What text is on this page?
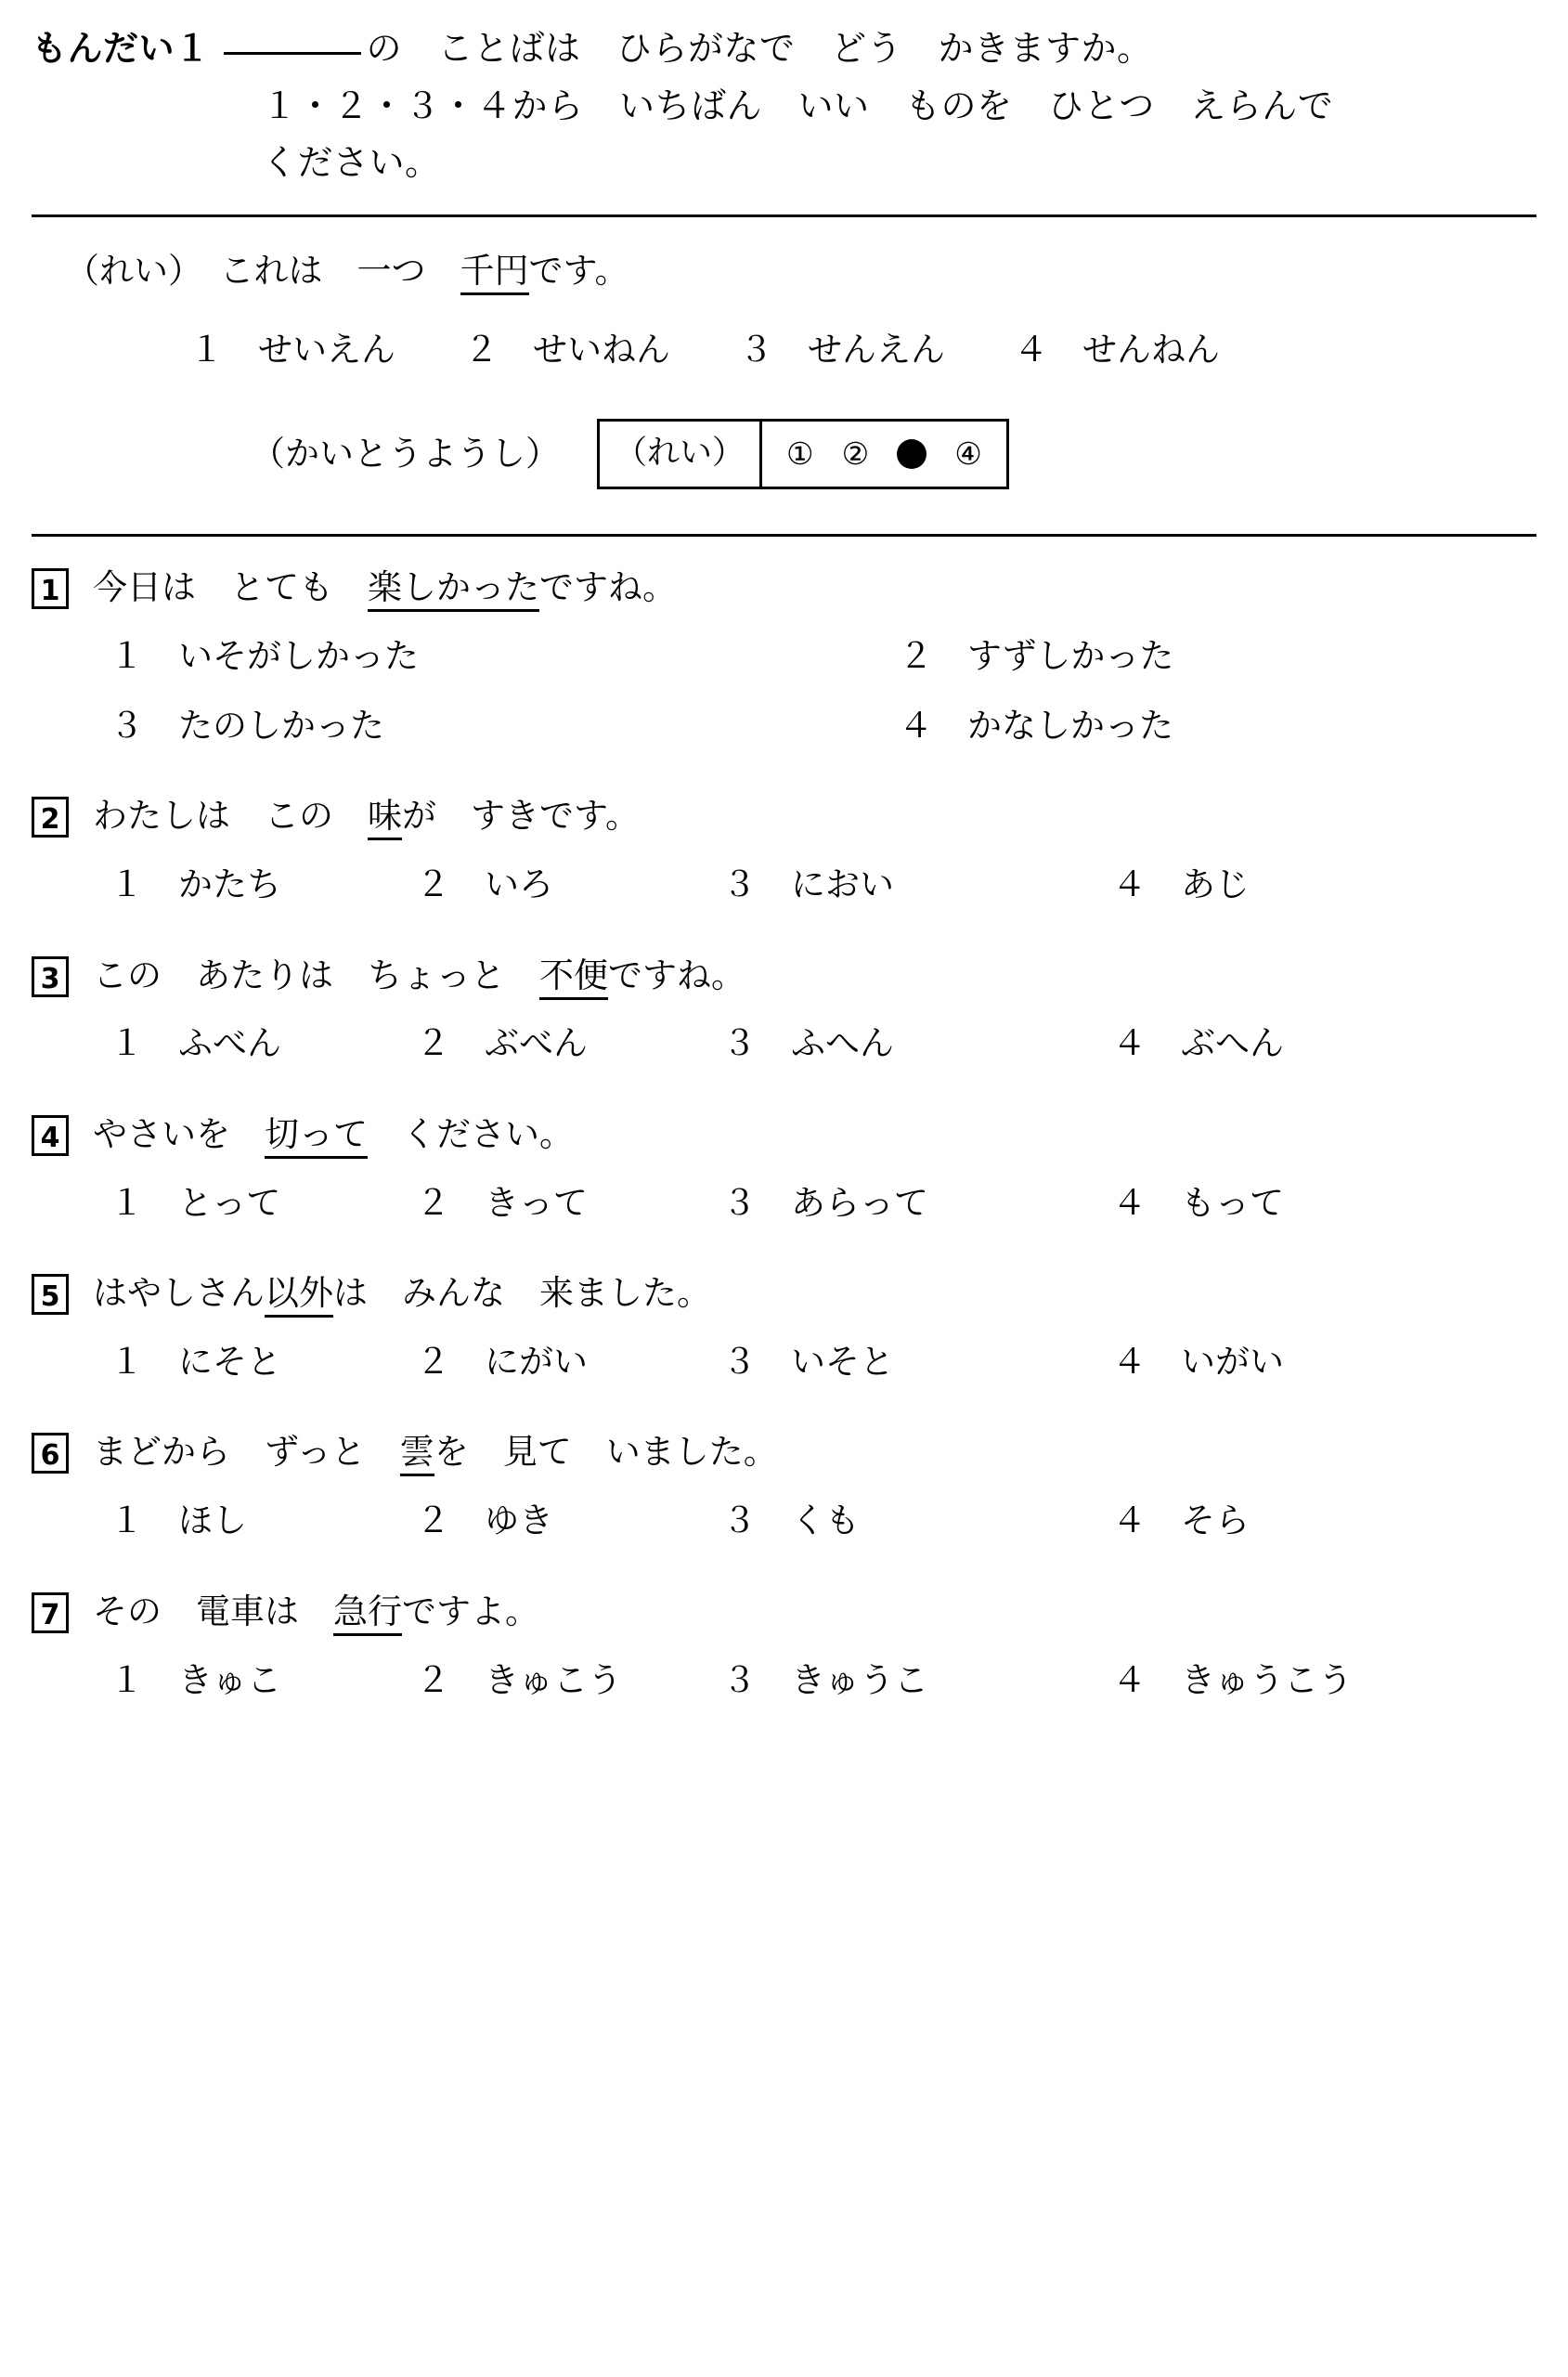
もんだい１	の　ことばは　ひらがなで　どう　かきますか。
１・２・３・４から　いちばん　いい　ものを　ひとつ　えらんで
ください。
（れい）　これは　一つ　千円です。
１　せいえん　　２　せいねん　　３　せんえん　　４　せんねん
（かいとうようし）	（れい）	① ②	④
1 今日は　とても　楽しかったですね。
１　いそがしかった	２　すずしかった
３　たのしかった	４　かなしかった
2 わたしは　この　味が　すきです。
１　かたち	２　いろ	３　におい	４　あじ
3 この　あたりは　ちょっと　不便ですね。
１　ふべん	２　ぶべん	３　ふへん	４　ぶへん
4 やさいを　切って　ください。
１　とって	２　きって	３　あらって	４　もって
5 はやしさん以外は　みんな　来ました。
１　にそと	２　にがい	３　いそと	４　いがい
6 まどから　ずっと　雲を　見て　いました。
１　ほし	２　ゆき	３　くも	４　そら
7 その　電車は　急行ですよ。
１　きゅこ	２　きゅこう	３　きゅうこ	４　きゅうこう
